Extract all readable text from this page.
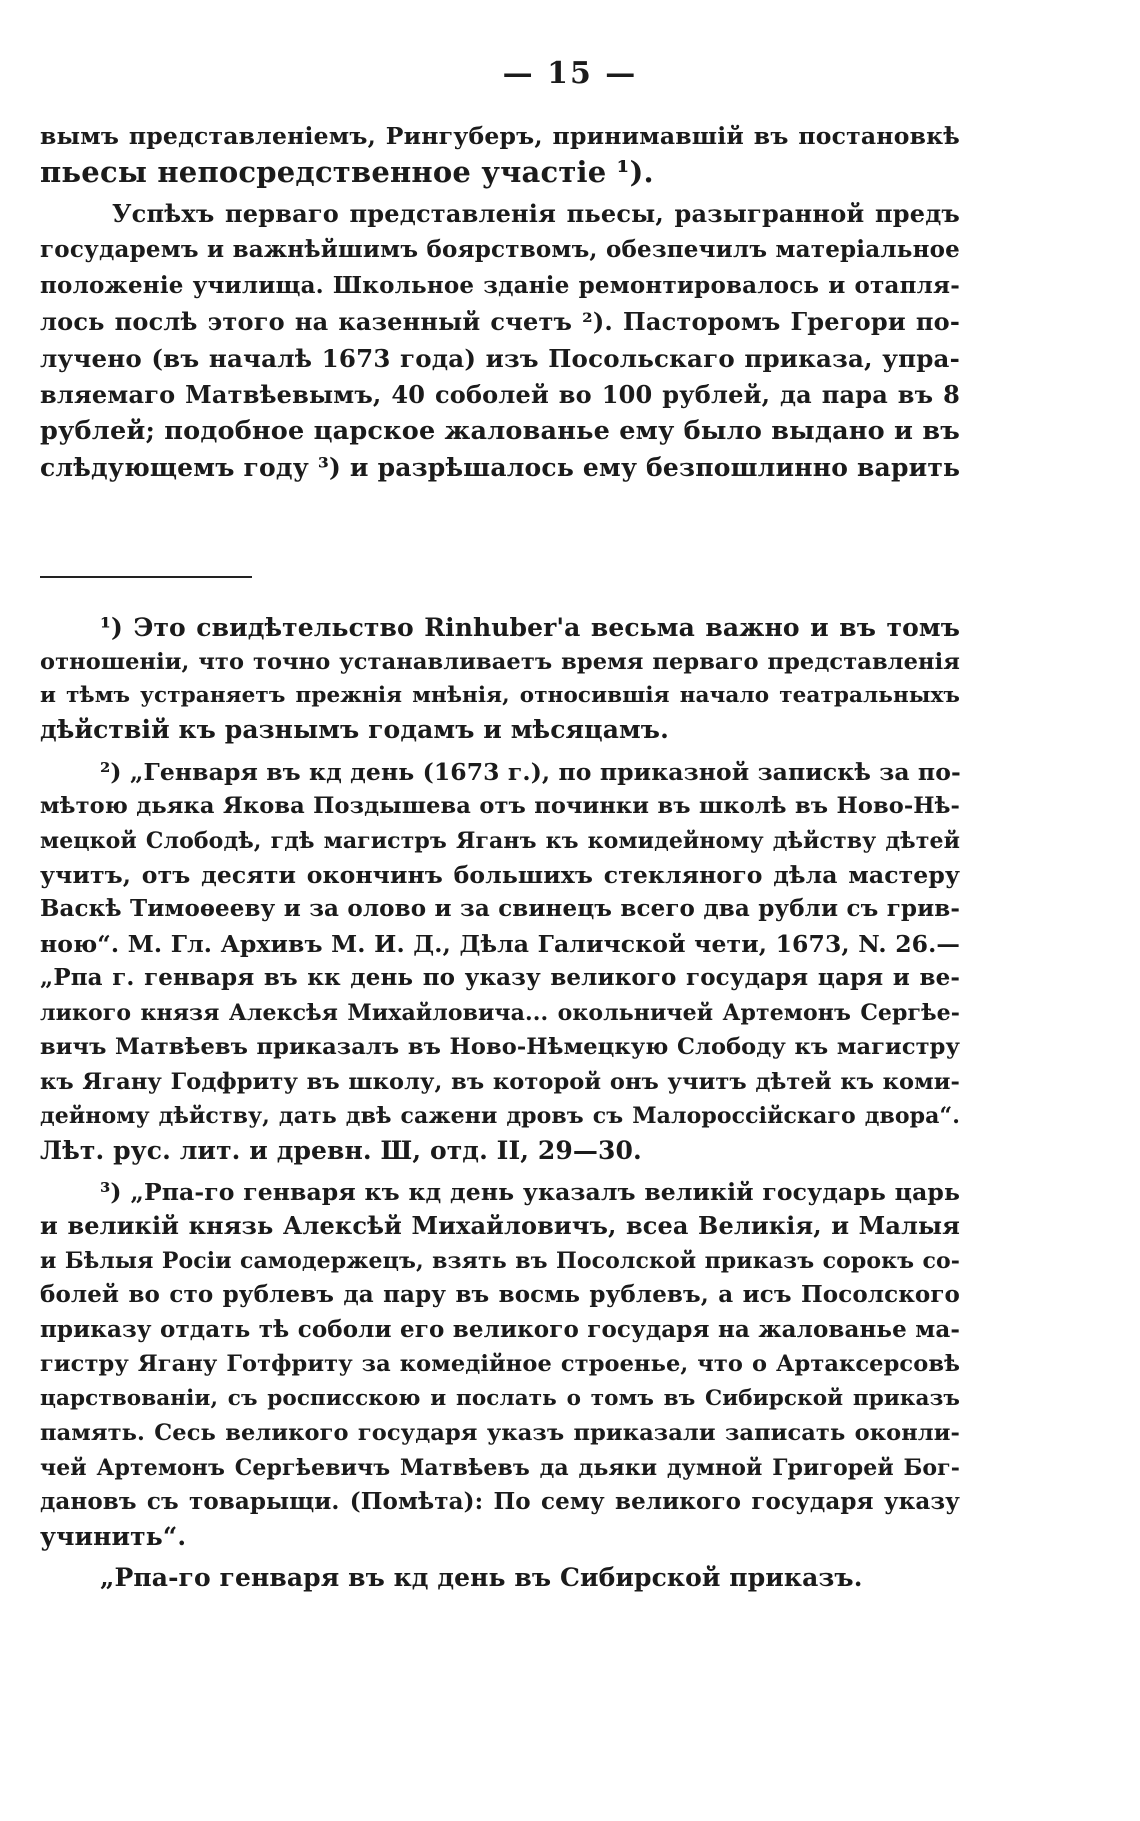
— 15 —
вымъ представленіемъ, Рингуберъ, принимавшій въ постановкѣ
пьесы непосредственное участіе ¹).
Успѣхъ перваго представленія пьесы, разыгранной предъ
государемъ и важнѣйшимъ боярствомъ, обезпечилъ матеріальное
положеніе училища. Школьное зданіе ремонтировалось и отапля-
лось послѣ этого на казенный счетъ ²). Пасторомъ Грегори по-
лучено (въ началѣ 1673 года) изъ Посольскаго приказа, упра-
вляемаго Матвѣевымъ, 40 соболей во 100 рублей, да пара въ 8
рублей; подобное царское жалованье ему было выдано и въ
слѣдующемъ году ³) и разрѣшалось ему безпошлинно варить
¹) Это свидѣтельство Rinhuber'а весьма важно и въ томъ
отношеніи, что точно устанавливаетъ время перваго представленія
и тѣмъ устраняетъ прежнія мнѣнія, относившія начало театральныхъ
дѣйствій къ разнымъ годамъ и мѣсяцамъ.
²) „Генваря въ кд день (1673 г.), по приказной запискѣ за по-
мѣтою дьяка Якова Поздышева отъ починки въ школѣ въ Ново-Нѣ-
мецкой Слободѣ, гдѣ магистръ Яганъ къ комидейному дѣйству дѣтей
учитъ, отъ десяти окончинъ большихъ стекляного дѣла мастеру
Васкѣ Тимоѳееву и за олово и за свинецъ всего два рубли съ грив-
ною“. М. Гл. Архивъ М. И. Д., Дѣла Галичской чети, 1673, N. 26.—
„Рпа г. генваря въ кк день по указу великого государя царя и ве-
ликого князя Алексѣя Михайловича... окольничей Артемонъ Сергѣе-
вичъ Матвѣевъ приказалъ въ Ново-Нѣмецкую Слободу къ магистру
къ Ягану Годфриту въ школу, въ которой онъ учитъ дѣтей къ коми-
дейному дѣйству, дать двѣ сажени дровъ съ Малороссійскаго двора“.
Лѣт. рус. лит. и древн. Ш, отд. II, 29—30.
³) „Рпа-го генваря къ кд день указалъ великій государь царь
и великій князь Алексѣй Михайловичъ, всеа Великія, и Малыя
и Бѣлыя Росіи самодержецъ, взять въ Посолской приказъ сорокъ со-
болей во сто рублевъ да пару въ восмь рублевъ, а исъ Посолского
приказу отдать тѣ соболи его великого государя на жалованье ма-
гистру Ягану Готфриту за комедійное строенье, что о Артаксерсовѣ
царствованіи, съ росписскою и послать о томъ въ Сибирской приказъ
память. Сесь великого государя указъ приказали записать оконли-
чей Артемонъ Сергѣевичъ Матвѣевъ да дьяки думной Григорей Бог-
дановъ съ товарыщи. (Помѣта): По сему великого государя указу
учинить“.
„Рпа-го генваря въ кд день въ Сибирской приказъ.
